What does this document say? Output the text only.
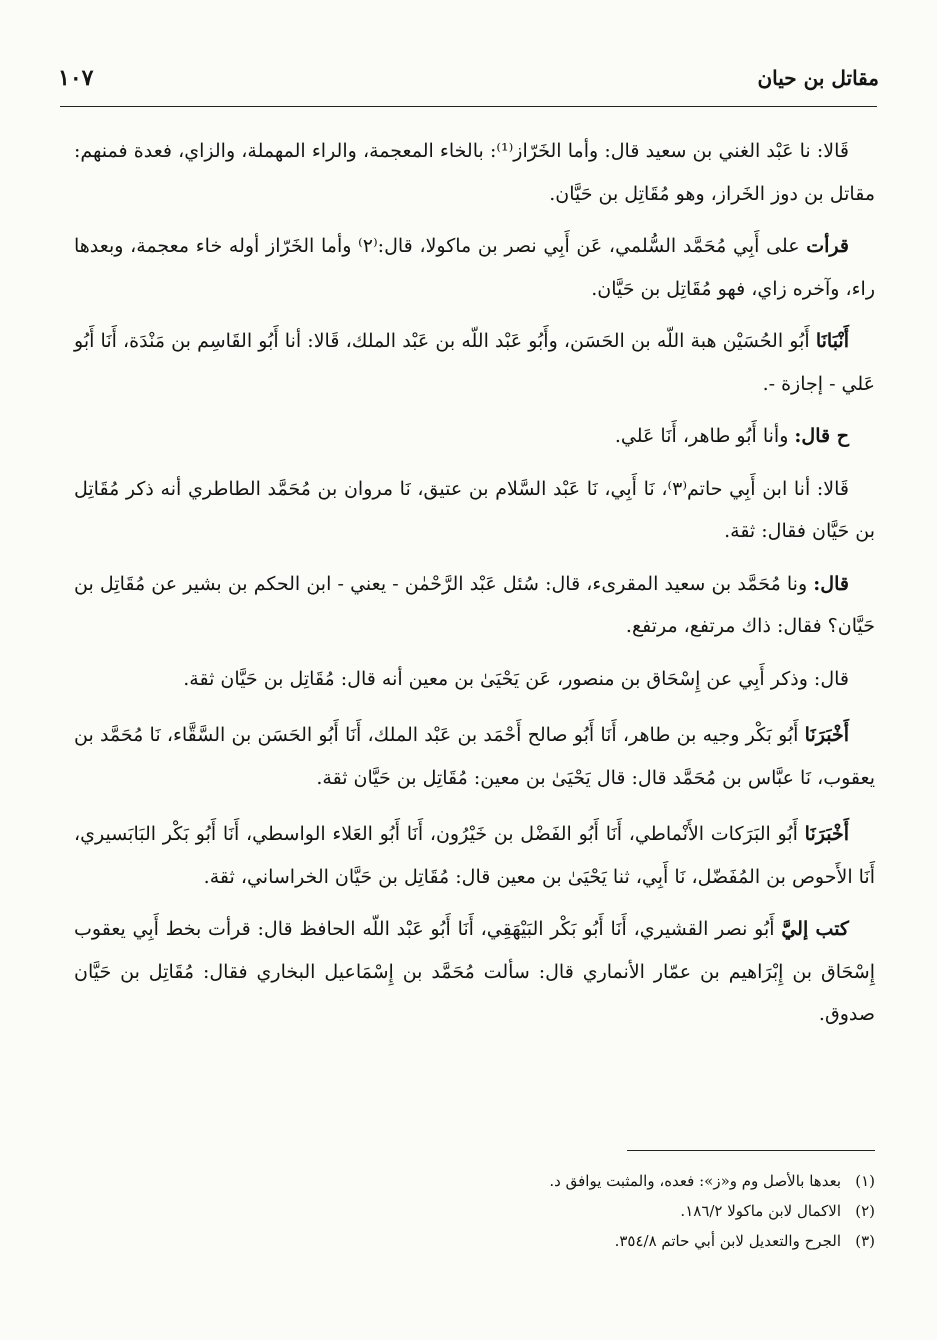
مقاتل بن حيان
١٠٧

قَالا: نا عَبْد الغني بن سعيد قال: وأما الخَرّاز⁽¹⁾: بالخاء المعجمة، والراء المهملة، والزاي، فعدة فمنهم: مقاتل بن دوز الخَراز، وهو مُقَاتِل بن حَيَّان.

قرأت على أَبِي مُحَمَّد السُّلمي، عَن أَبِي نصر بن ماكولا، قال:⁽٢⁾ وأما الخَرّاز أوله خاء معجمة، وبعدها راء، وآخره زاي، فهو مُقَاتِل بن حَيَّان.

أَنْبَانَا أَبُو الحُسَيْن هبة اللّه بن الحَسَن، وأَبُو عَبْد اللّه بن عَبْد الملك، قَالا: أنا أَبُو القَاسِم بن مَنْدَة، أَنَا أَبُو عَلي - إجازة -.

ح قال: وأنا أَبُو طاهر، أَنَا عَلي.

قَالا: أنا ابن أَبِي حاتم⁽٣⁾، نَا أَبِي، نَا عَبْد السَّلام بن عتيق، نَا مروان بن مُحَمَّد الطاطري أنه ذكر مُقَاتِل بن حَيَّان فقال: ثقة.

قال: ونا مُحَمَّد بن سعيد المقرىء، قال: سُئل عَبْد الرَّحْمٰن - يعني - ابن الحكم بن بشير عن مُقَاتِل بن حَيَّان؟ فقال: ذاك مرتفع، مرتفع.

قال: وذكر أَبِي عن إِسْحَاق بن منصور، عَن يَحْيَىٰ بن معين أنه قال: مُقَاتِل بن حَيَّان ثقة.

أَخْبَرَنَا أَبُو بَكْر وجيه بن طاهر، أَنَا أَبُو صالح أَحْمَد بن عَبْد الملك، أَنَا أَبُو الحَسَن بن السَّقَّاء، نَا مُحَمَّد بن يعقوب، نَا عبَّاس بن مُحَمَّد قال: قال يَحْيَىٰ بن معين: مُقَاتِل بن حَيَّان ثقة.

أَخْبَرَنَا أَبُو البَرَكات الأَنْماطي، أَنَا أَبُو الفَضْل بن خَيْرُون، أَنَا أَبُو العَلاء الواسطي، أَنَا أَبُو بَكْر البَابَسيري، أَنَا الأَحوص بن المُفَضّل، نَا أَبِي، ثنا يَحْيَىٰ بن معين قال: مُقَاتِل بن حَيَّان الخراساني، ثقة.

كتب إليَّ أَبُو نصر القشيري، أَنَا أَبُو بَكْر البَيْهَقِي، أَنَا أَبُو عَبْد اللّه الحافظ قال: قرأت بخط أَبِي يعقوب إِسْحَاق بن إِبْرَاهيم بن عمّار الأنماري قال: سألت مُحَمَّد بن إِسْمَاعيل البخاري فقال: مُقَاتِل بن حَيَّان صدوق.

(١)بعدها بالأصل وم و«ز»: فعده، والمثبت يوافق د.
(٢)الاكمال لابن ماكولا ١٨٦/٢.
(٣)الجرح والتعديل لابن أبي حاتم ٣٥٤/٨.
